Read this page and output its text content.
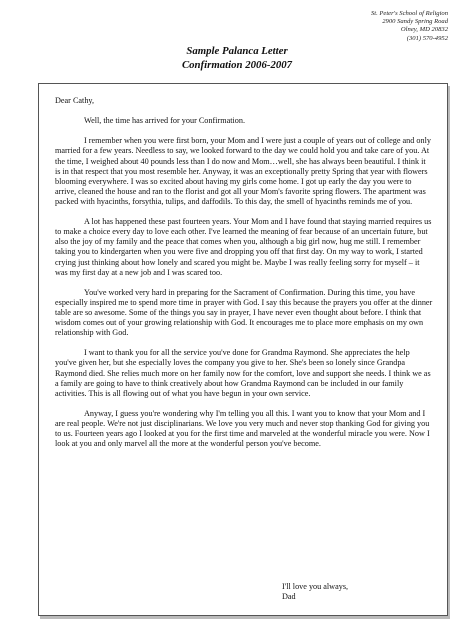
St. Peter's School of Religion
2900 Sandy Spring Road
Olney, MD 20832
(301) 570-4952
Sample Palanca Letter
Confirmation 2006-2007

Dear Cathy,

Well, the time has arrived for your Confirmation.

I remember when you were first born, your Mom and I were just a couple of years out of college and only married for a few years. Needless to say, we looked forward to the day we could hold you and take care of you. At the time, I weighed about 40 pounds less than I do now and Mom…well, she has always been beautiful. I think it is in that respect that you most resemble her. Anyway, it was an exceptionally pretty Spring that year with flowers blooming everywhere. I was so excited about having my girls come home. I got up early the day you were to arrive, cleaned the house and ran to the florist and got all your Mom's favorite spring flowers. The apartment was packed with hyacinths, forsythia, tulips, and daffodils. To this day, the smell of hyacinths reminds me of you.

A lot has happened these past fourteen years. Your Mom and I have found that staying married requires us to make a choice every day to love each other. I've learned the meaning of fear because of an uncertain future, but also the joy of my family and the peace that comes when you, although a big girl now, hug me still. I remember taking you to kindergarten when you were five and dropping you off that first day. On my way to work, I started crying just thinking about how lonely and scared you might be. Maybe I was really feeling sorry for myself – it was my first day at a new job and I was scared too.

You've worked very hard in preparing for the Sacrament of Confirmation. During this time, you have especially inspired me to spend more time in prayer with God. I say this because the prayers you offer at the dinner table are so awesome. Some of the things you say in prayer, I have never even thought about before. I think that wisdom comes out of your growing relationship with God. It encourages me to place more emphasis on my own relationship with God.

I want to thank you for all the service you've done for Grandma Raymond. She appreciates the help you've given her, but she especially loves the company you give to her. She's been so lonely since Grandpa Raymond died. She relies much more on her family now for the comfort, love and support she needs. I think we as a family are going to have to think creatively about how Grandma Raymond can be included in our family activities. This is all flowing out of what you have begun in your own service.

Anyway, I guess you're wondering why I'm telling you all this. I want you to know that your Mom and I are real people. We're not just disciplinarians. We love you very much and never stop thanking God for giving you to us. Fourteen years ago I looked at you for the first time and marveled at the wonderful miracle you were. Now I look at you and only marvel all the more at the wonderful person you've become.

I'll love you always,
Dad
